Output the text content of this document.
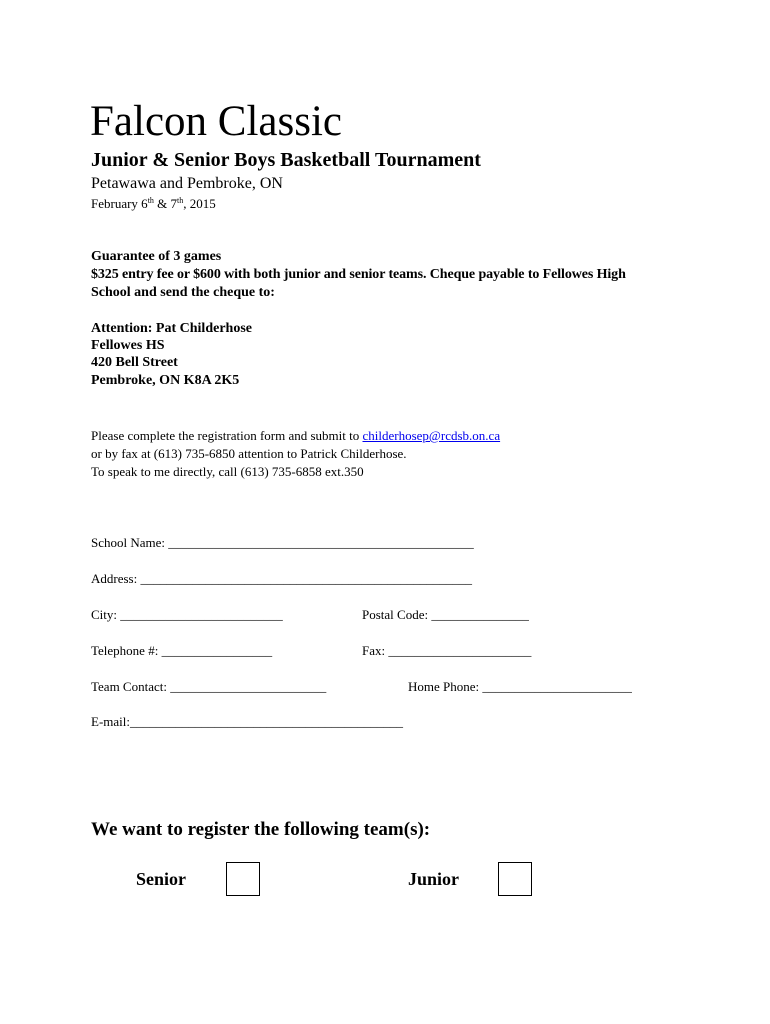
Falcon Classic
Junior & Senior Boys Basketball Tournament
Petawawa and Pembroke, ON
February 6th & 7th, 2015
Guarantee of 3 games
$325 entry fee or $600 with both junior and senior teams. Cheque payable to Fellowes High
School and send the cheque to:
Attention: Pat Childerhose
Fellowes HS
420 Bell Street
Pembroke, ON K8A 2K5
Please complete the registration form and submit to childerhosep@rcdsb.on.ca
or by fax at (613) 735-6850 attention to Patrick Childerhose.
To speak to me directly, call (613) 735-6858 ext.350
School Name: _______________________________________________
Address: ___________________________________________________
City: _________________________	Postal Code: _______________
Telephone #: _________________	Fax: ______________________
Team Contact: ________________________	Home Phone: _______________________
E-mail:__________________________________________
We want to register the following team(s):
Senior	Junior
